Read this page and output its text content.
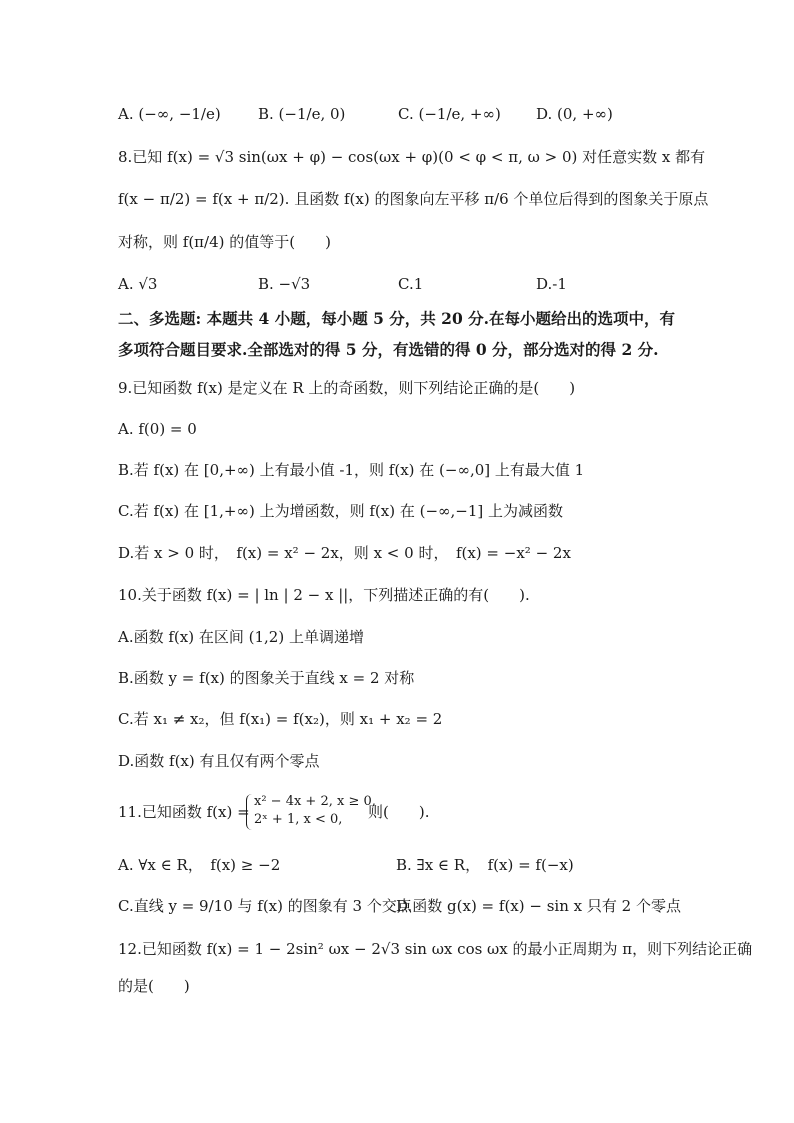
A. (−∞, −1/e) B. (−1/e, 0)	C. (−1/e, +∞) D. (0, +∞)
8.已知 f(x) = √3 sin(ωx + φ) − cos(ωx + φ)(0 < φ < π, ω > 0) 对任意实数 x 都有
f(x − π/2) = f(x + π/2). 且函数 f(x) 的图象向左平移 π/6 个单位后得到的图象关于原点
对称，则 f(π/4) 的值等于(　　)
A. √3	B. −√3	C.1	D.-1
二、多选题: 本题共 4 小题，每小题 5 分，共 20 分.在每小题给出的选项中，有
多项符合题目要求.全部选对的得 5 分，有选错的得 0 分，部分选对的得 2 分.
9.已知函数 f(x) 是定义在 R 上的奇函数，则下列结论正确的是(　　)
A. f(0) = 0
B.若 f(x) 在 [0,+∞) 上有最小值 -1，则 f(x) 在 (−∞,0] 上有最大值 1
C.若 f(x) 在 [1,+∞) 上为增函数，则 f(x) 在 (−∞,−1] 上为减函数
D.若 x > 0 时，　f(x) = x² − 2x，则 x < 0 时，　f(x) = −x² − 2x
10.关于函数 f(x) = | ln | 2 − x ||，下列描述正确的有(　　).
A.函数 f(x) 在区间 (1,2) 上单调递增
B.函数 y = f(x) 的图象关于直线 x = 2 对称
C.若 x₁ ≠ x₂，但 f(x₁) = f(x₂)，则 x₁ + x₂ = 2
D.函数 f(x) 有且仅有两个零点
11.已知函数 f(x) =
x² − 4x + 2, x ≥ 0,
2ˣ + 1, x < 0, 则(　　).
A. ∀x ∈ R，　f(x) ≥ −2	B. ∃x ∈ R，　f(x) = f(−x)
C.直线 y = 9/10 与 f(x) 的图象有 3 个交点
D.函数 g(x) = f(x) − sin x 只有 2 个零点
12.已知函数 f(x) = 1 − 2sin² ωx − 2√3 sin ωx cos ωx 的最小正周期为 π，则下列结论正确
的是(　　)
